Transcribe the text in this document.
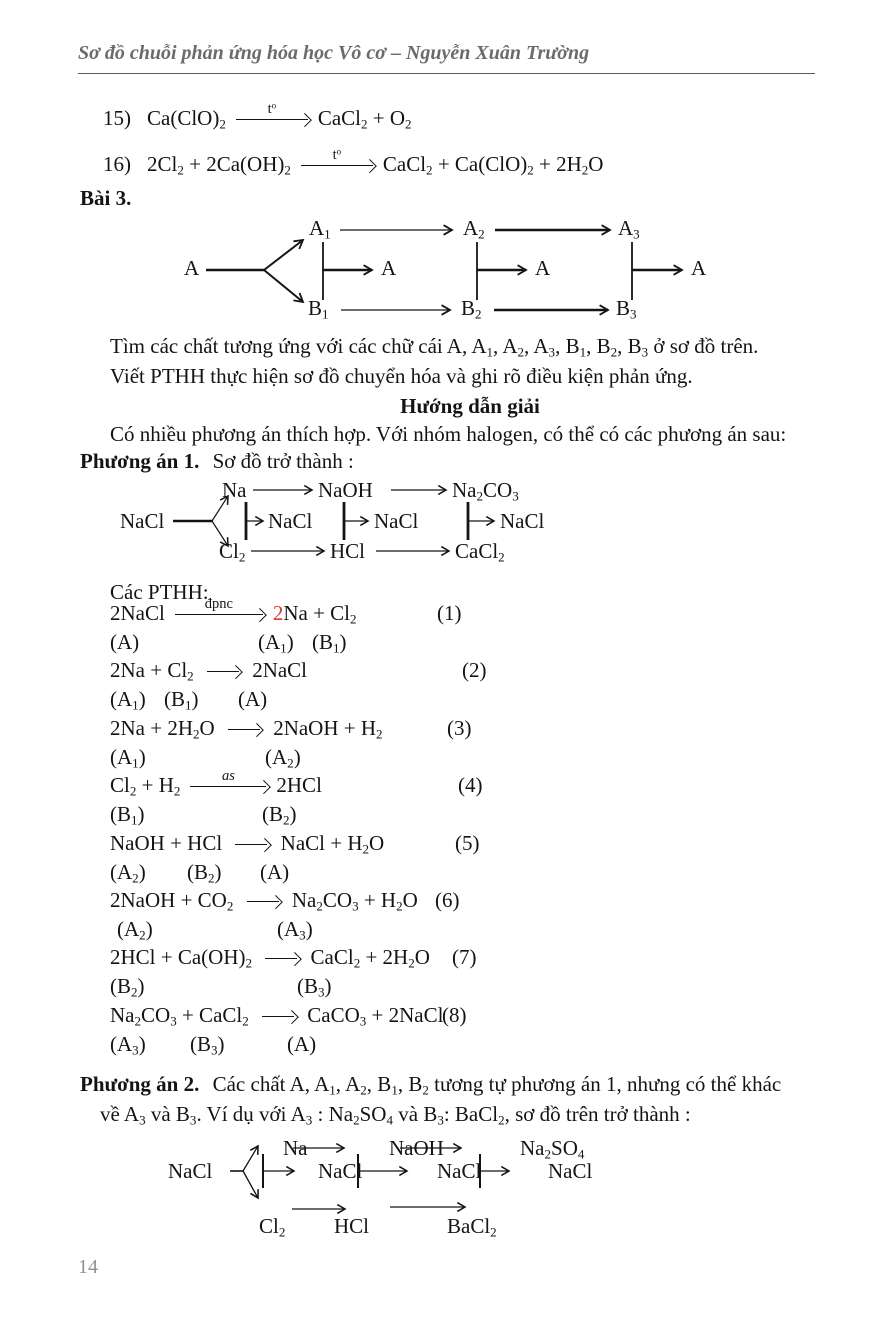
Sơ đồ chuỗi phản ứng hóa học Vô cơ – Nguyễn Xuân Trường
15) $Ca(ClO)_2$
$t^o$
CaCl$_2$ + $O_2$
16) $2Cl_2 + 2Ca(OH)_2$
$t^o$
CaCl$_2$ + $Ca(ClO)_2 + 2H_2O$
Bài 3.
A
$A_1$	$A_2$	$A_3$
A	A	A
$B_1$	$B_2$	$B_3$
Tìm các chất tương ứng với các chữ cái A, $A_1$, $A_2$, $A_3$, $B_1$, $B_2$, $B_3$ ở sơ đồ trên.
Viết PTHH thực hiện sơ đồ chuyển hóa và ghi rõ điều kiện phản ứng.
Hướng dẫn giải
Có nhiều phương án thích hợp. Với nhóm halogen, có thể có các phương án sau:
Phương án 1. Sơ đồ trở thành :
NaCl
Na	NaOH	$Na_2CO_3$
NaCl	NaCl	NaCl
$Cl_2$	HCl	CaCl$_2$
Các PTHH:
2NaCl	đpnc	$2Na + Cl_2$	(1)
(A)	$(A_1)$ $(B_1)$
$2Na + Cl_2$	2NaCl	(2)
$(A_1)$ $(B_1)$ (A)
$2Na + 2H_2O$  2NaOH + $H_2$	(3)
$(A_1)$	$(A_2)$
$Cl_2 + H_2$
as	2HCl	(4)
$(B_1)$	$(B_2)$
NaOH + HCl  NaCl + $H_2O$	(5)
$(A_2)$ $(B_2)$ (A)
2NaOH + $CO_2$	$Na_2CO_3 + H_2O$ (6)
$(A_2)$	$(A_3)$
$2HCl + Ca(OH)_2$	CaCl$_2$ + $2H_2O$ (7)
$(B_2)$	$(B_3)$
$Na_2CO_3$ + CaCl$_2$	CaCO$_3$ + 2NaCl
(8)
$(A_3)$ $(B_3)$	(A)
Phương án 2. Các chất A, $A_1$, $A_2$, $B_1$, $B_2$ tương tự phương án 1, nhưng có thể khác
về $A_3$ và $B_3$. Ví dụ với $A_3$ : $Na_2SO_4$ và $B_3$: BaCl$_2$, sơ đồ trên trở thành :
NaCl
Na	NaOH	$Na_2SO_4$
NaCl	NaCl	NaCl
$Cl_2$ HCl	BaCl$_2$
14
